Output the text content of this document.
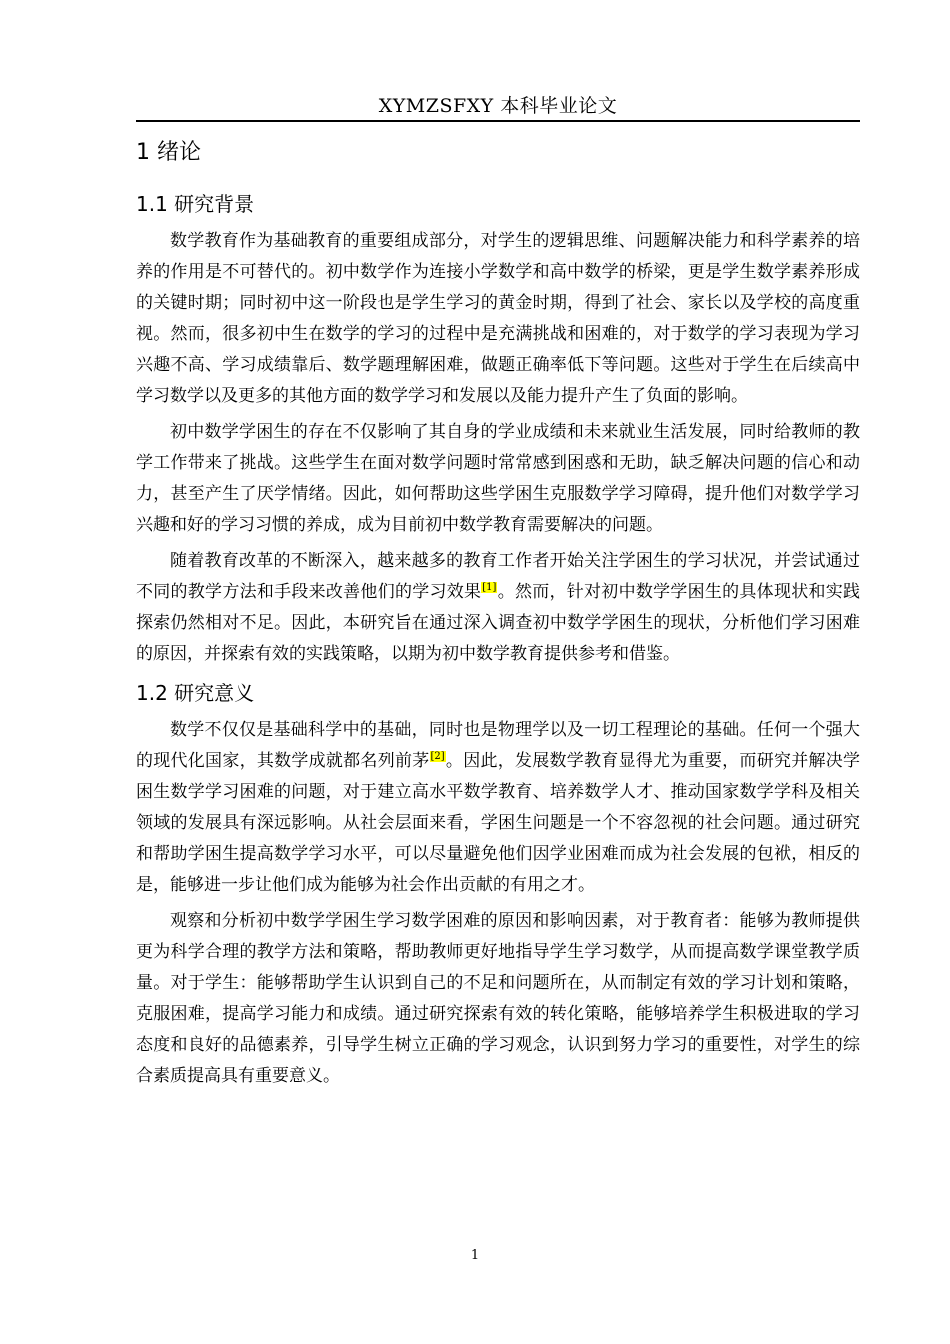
XYMZSFXY 本科毕业论文
1 绪论
1.1 研究背景

数学教育作为基础教育的重要组成部分，对学生的逻辑思维、问题解决能力和科学素养的培养的作用是不可替代的。初中数学作为连接小学数学和高中数学的桥梁，更是学生数学素养形成的关键时期；同时初中这一阶段也是学生学习的黄金时期，得到了社会、家长以及学校的高度重视。然而，很多初中生在数学的学习的过程中是充满挑战和困难的，对于数学的学习表现为学习兴趣不高、学习成绩靠后、数学题理解困难，做题正确率低下等问题。这些对于学生在后续高中学习数学以及更多的其他方面的数学学习和发展以及能力提升产生了负面的影响。

初中数学学困生的存在不仅影响了其自身的学业成绩和未来就业生活发展，同时给教师的教学工作带来了挑战。这些学生在面对数学问题时常常感到困惑和无助，缺乏解决问题的信心和动力，甚至产生了厌学情绪。因此，如何帮助这些学困生克服数学学习障碍，提升他们对数学学习兴趣和好的学习习惯的养成，成为目前初中数学教育需要解决的问题。

随着教育改革的不断深入，越来越多的教育工作者开始关注学困生的学习状况，并尝试通过不同的教学方法和手段来改善他们的学习效果[1]。然而，针对初中数学学困生的具体现状和实践探索仍然相对不足。因此，本研究旨在通过深入调查初中数学学困生的现状，分析他们学习困难的原因，并探索有效的实践策略，以期为初中数学教育提供参考和借鉴。

1.2 研究意义

数学不仅仅是基础科学中的基础，同时也是物理学以及一切工程理论的基础。任何一个强大的现代化国家，其数学成就都名列前茅[2]。因此，发展数学教育显得尤为重要，而研究并解决学困生数学学习困难的问题，对于建立高水平数学教育、培养数学人才、推动国家数学学科及相关领域的发展具有深远影响。从社会层面来看，学困生问题是一个不容忽视的社会问题。通过研究和帮助学困生提高数学学习水平，可以尽量避免他们因学业困难而成为社会发展的包袱，相反的是，能够进一步让他们成为能够为社会作出贡献的有用之才。

观察和分析初中数学学困生学习数学困难的原因和影响因素，对于教育者：能够为教师提供更为科学合理的教学方法和策略，帮助教师更好地指导学生学习数学，从而提高数学课堂教学质量。对于学生：能够帮助学生认识到自己的不足和问题所在，从而制定有效的学习计划和策略，克服困难，提高学习能力和成绩。通过研究探索有效的转化策略，能够培养学生积极进取的学习态度和良好的品德素养，引导学生树立正确的学习观念，认识到努力学习的重要性，对学生的综合素质提高具有重要意义。

1
